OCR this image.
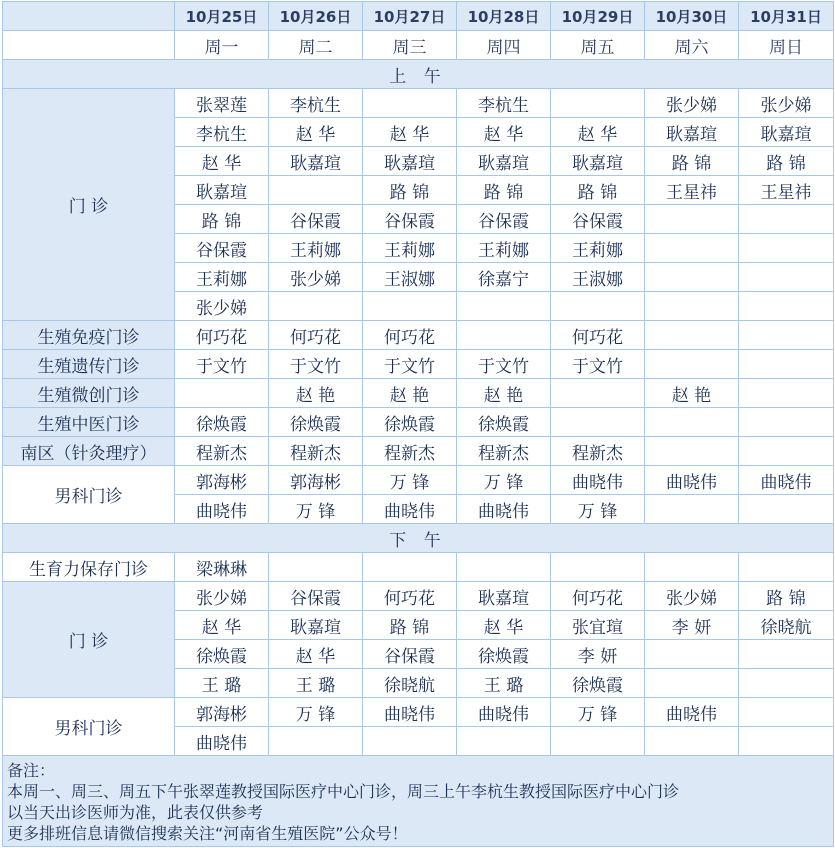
	10月25日	10月26日	10月27日	10月28日	10月29日	10月30日	10月31日
	周一	周二	周三	周四	周五	周六	周日
上 午							
门 诊	张翠莲	李杭生		李杭生		张少娣	张少娣
	李杭生	赵 华	赵 华	赵 华	赵 华	耿嘉瑄	耿嘉瑄
	赵 华	耿嘉瑄	耿嘉瑄	耿嘉瑄	耿嘉瑄	路 锦	路 锦
	耿嘉瑄		路 锦	路 锦	路 锦	王星祎	王星祎
	路 锦	谷保霞	谷保霞	谷保霞	谷保霞		
	谷保霞	王莉娜	王莉娜	王莉娜	王莉娜		
	王莉娜	张少娣	王淑娜	徐嘉宁	王淑娜		
	张少娣						
生殖免疫门诊	何巧花	何巧花	何巧花		何巧花		
生殖遗传门诊	于文竹	于文竹	于文竹	于文竹	于文竹		
生殖微创门诊		赵 艳	赵 艳	赵 艳		赵 艳	
生殖中医门诊	徐焕霞	徐焕霞	徐焕霞	徐焕霞			
南区（针灸理疗）	程新杰	程新杰	程新杰	程新杰	程新杰		
男科门诊	郭海彬	郭海彬	万 锋	万 锋	曲晓伟	曲晓伟	曲晓伟
	曲晓伟	万 锋	曲晓伟	曲晓伟	万 锋		
下 午							
生育力保存门诊	梁琳琳						
门 诊	张少娣	谷保霞	何巧花	耿嘉瑄	何巧花	张少娣	路 锦
	赵 华	耿嘉瑄	路 锦	赵 华	张宜瑄	李 妍	徐晓航
	徐焕霞	赵 华	谷保霞	徐焕霞	李 妍		
	王 璐	王 璐	徐晓航	王 璐	徐焕霞		
男科门诊	郭海彬	万 锋	曲晓伟	曲晓伟	万 锋	曲晓伟	
	曲晓伟						

备注：
本周一、周三、周五下午张翠莲教授国际医疗中心门诊，周三上午李杭生教授国际医疗中心门诊
以当天出诊医师为准，此表仅供参考
更多排班信息请微信搜索关注“河南省生殖医院”公众号！							
